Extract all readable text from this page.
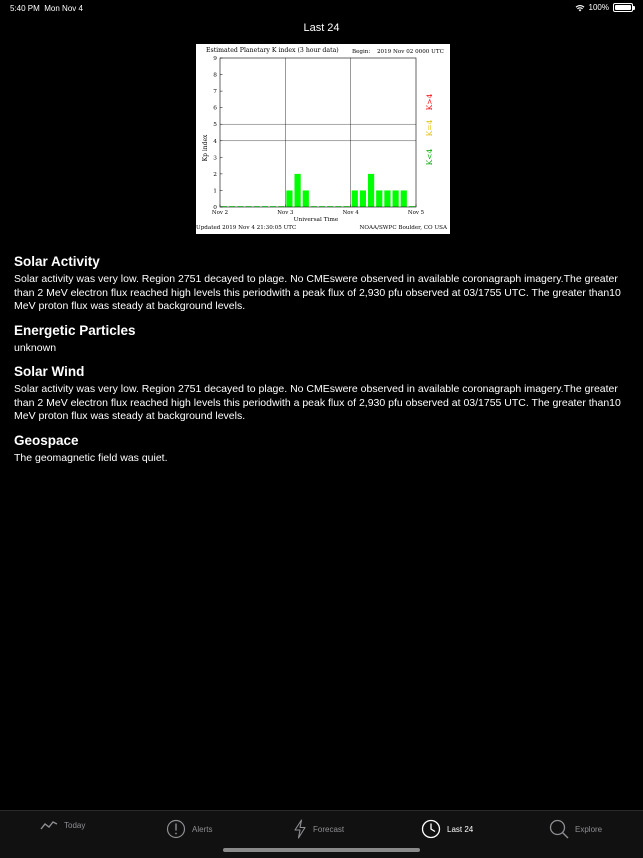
5:40 PM Mon Nov 4	100%
Last 24
Estimated Planetary K index (3 hour data) Begin: 2019 Nov 02 0000 UTC
Kp index
Universal Time
Updated 2019 Nov 4 21:30:05 UTC	NOAA/SWPC Boulder, CO USA
0
1
2
3
4
5
6
7
8
9
Nov 2	Nov 3	Nov 4	Nov 5
K>4
K=4
K<4
Solar Activity
Solar activity was very low. Region 2751 decayed to plage. No CMEswere observed in available coronagraph imagery.The greater than 2 MeV electron flux reached high levels this periodwith a peak flux of 2,930 pfu observed at 03/1755 UTC. The greater than10 MeV proton flux was steady at background levels.
Energetic Particles
unknown
Solar Wind
Solar activity was very low. Region 2751 decayed to plage. No CMEswere observed in available coronagraph imagery.The greater than 2 MeV electron flux reached high levels this periodwith a peak flux of 2,930 pfu observed at 03/1755 UTC. The greater than10 MeV proton flux was steady at background levels.
Geospace
The geomagnetic field was quiet.
Today	Alerts	Forecast	Last 24	Explore
